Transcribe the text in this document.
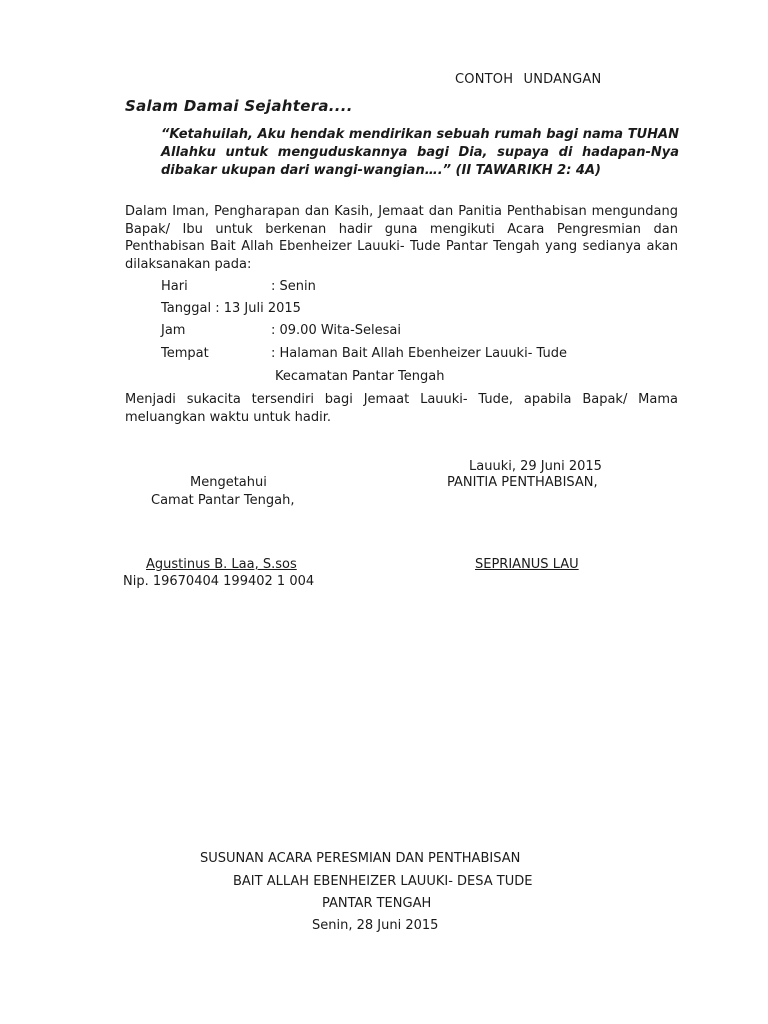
CONTOH UNDANGAN
Salam Damai Sejahtera....
“Ketahuilah, Aku hendak mendirikan sebuah rumah bagi nama TUHAN Allahku untuk menguduskannya bagi Dia, supaya di hadapan-Nya dibakar ukupan dari wangi-wangian….” (II TAWARIKH 2: 4A)
Dalam Iman, Pengharapan dan Kasih, Jemaat dan Panitia Penthabisan mengundang Bapak/ Ibu untuk berkenan hadir guna mengikuti Acara Pengresmian dan Penthabisan Bait Allah Ebenheizer Lauuki- Tude Pantar Tengah yang sedianya akan dilaksanakan pada:
Hari	: Senin
Tanggal : 13 Juli 2015
Jam	: 09.00 Wita-Selesai
Tempat	: Halaman Bait Allah Ebenheizer Lauuki- Tude
Kecamatan Pantar Tengah
Menjadi sukacita tersendiri bagi Jemaat Lauuki- Tude, apabila Bapak/ Mama meluangkan waktu untuk hadir.
Lauuki, 29 Juni 2015
Mengetahui	PANITIA PENTHABISAN,
Camat Pantar Tengah,
Agustinus B. Laa, S.sos	SEPRIANUS LAU
Nip. 19670404 199402 1 004
SUSUNAN ACARA PERESMIAN DAN PENTHABISAN
BAIT ALLAH EBENHEIZER LAUUKI- DESA TUDE
PANTAR TENGAH
Senin, 28 Juni 2015
